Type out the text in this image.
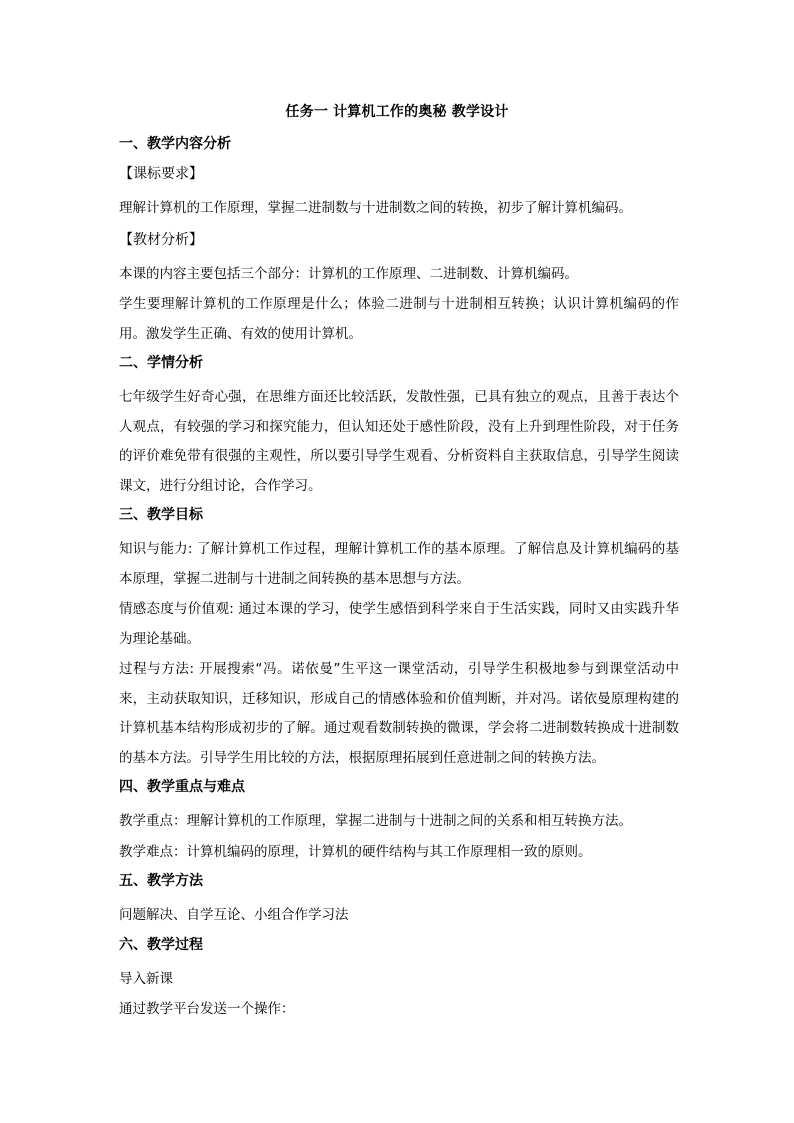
任务一 计算机工作的奥秘 教学设计
一、教学内容分析
【课标要求】
理解计算机的工作原理，掌握二进制数与十进制数之间的转换，初步了解计算机编码。
【教材分析】
本课的内容主要包括三个部分：计算机的工作原理、二进制数、计算机编码。
学生要理解计算机的工作原理是什么；体验二进制与十进制相互转换；认识计算机编码的作用。激发学生正确、有效的使用计算机。
二、学情分析
七年级学生好奇心强，在思维方面还比较活跃，发散性强，已具有独立的观点，且善于表达个 人观点，有较强的学习和探究能力，但认知还处于感性阶段，没有上升到理性阶段，对于任务的评价难免带有很强的主观性，所以要引导学生观看、分析资料自主获取信息，引导学生阅读课文，进行分组讨论，合作学习。
三、教学目标
知识与能力: 了解计算机工作过程，理解计算机工作的基本原理。了解信息及计算机编码的基本原理，掌握二进制与十进制之间转换的基本思想与方法。
情感态度与价值观: 通过本课的学习，使学生感悟到科学来自于生活实践，同时又由实践升华为理论基础。
过程与方法: 开展搜索“冯。诺依曼”生平这一课堂活动，引导学生积极地参与到课堂活动中来，主动获取知识，迁移知识，形成自己的情感体验和价值判断，并对冯。诺依曼原理构建的计算机基本结构形成初步的了解。通过观看数制转换的微课，学会将二进制数转换成十进制数的基本方法。引导学生用比较的方法，根据原理拓展到任意进制之间的转换方法。
四、教学重点与难点
教学重点：理解计算机的工作原理，掌握二进制与十进制之间的关系和相互转换方法。
教学难点：计算机编码的原理，计算机的硬件结构与其工作原理相一致的原则。
五、教学方法
问题解决、自学互论、小组合作学习法
六、教学过程
导入新课
通过教学平台发送一个操作：
